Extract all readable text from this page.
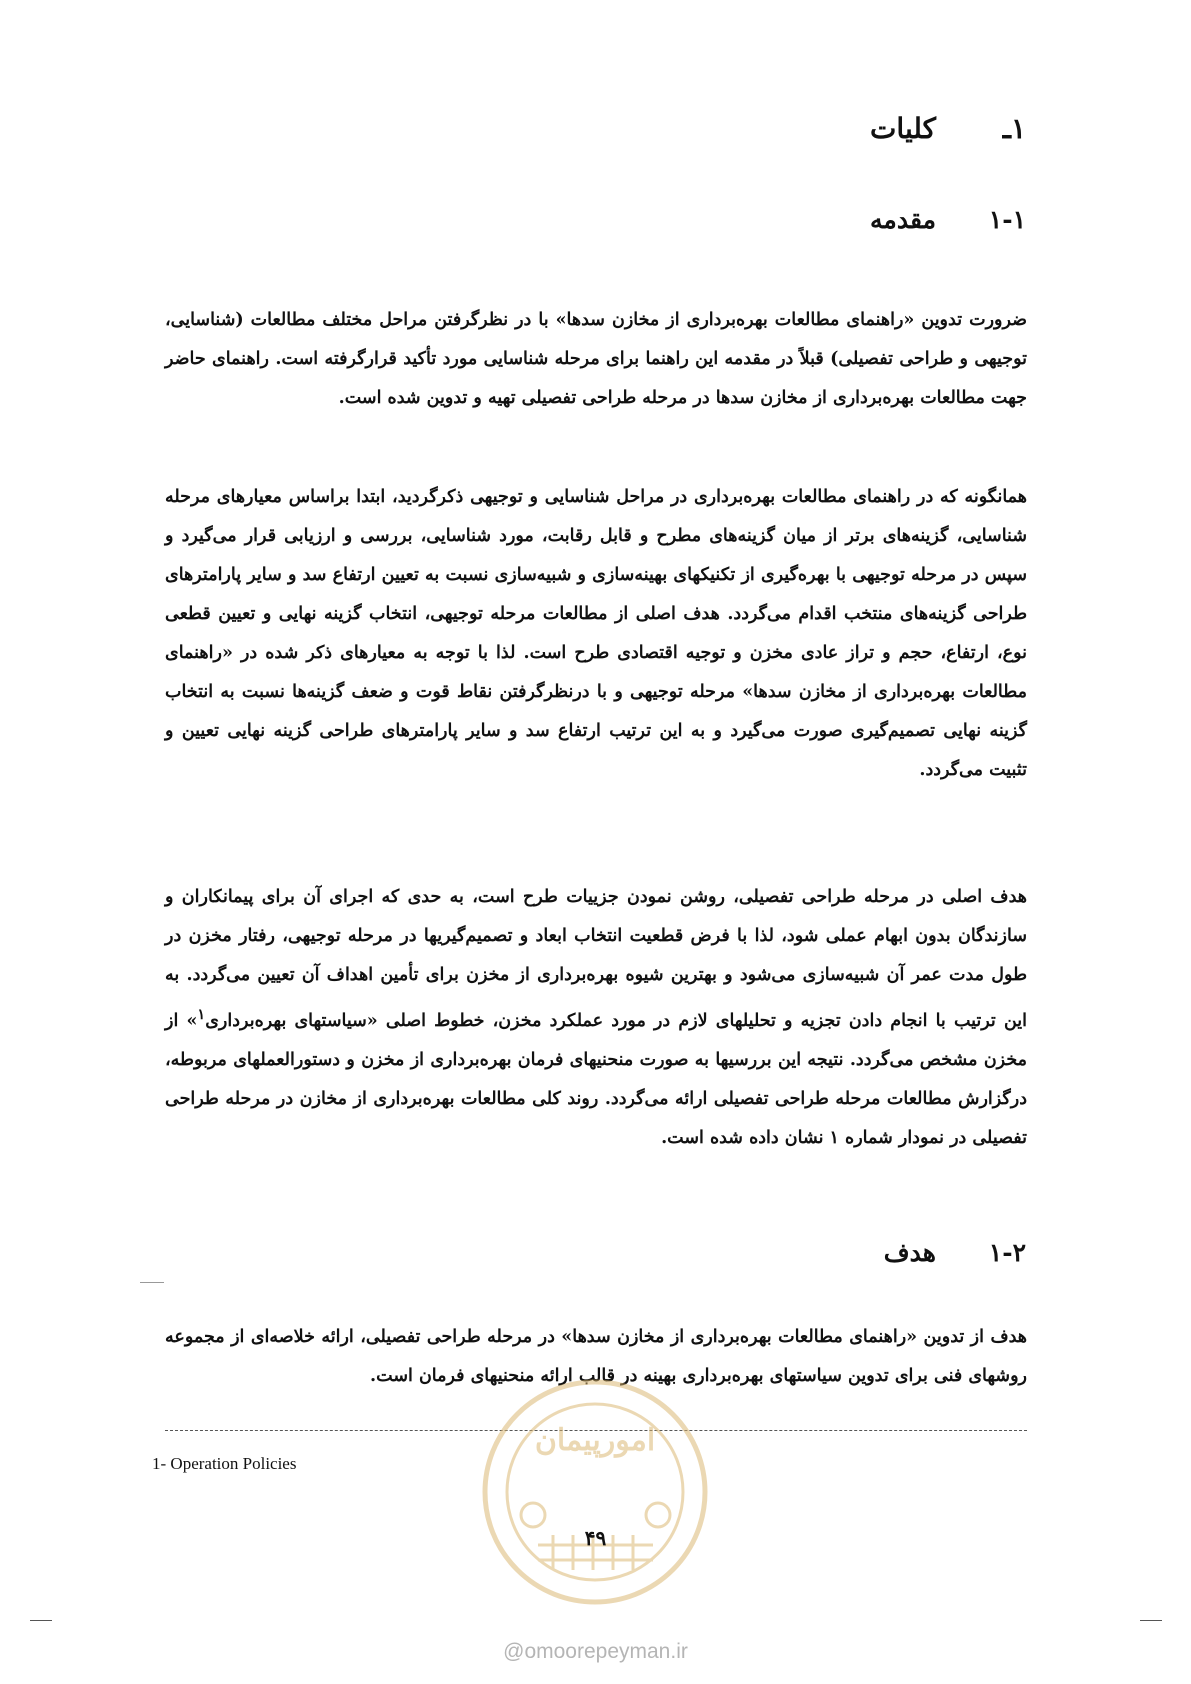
۱ـکلیات
۱-۱مقدمه

ضرورت تدوین «راهنمای مطالعات بهره‌برداری از مخازن سدها» با در نظرگرفتن مراحل مختلف مطالعات (شناسایی، توجیهی و طراحی تفصیلی) قبلاً در مقدمه این راهنما برای مرحله شناسایی مورد تأکید قرارگرفته است. راهنمای حاضر جهت مطالعات بهره‌برداری از مخازن سدها در مرحله طراحی تفصیلی تهیه و تدوین شده است.

همانگونه که در راهنمای مطالعات بهره‌برداری در مراحل شناسایی و توجیهی ذکرگردید، ابتدا براساس معیارهای مرحله شناسایی، گزینه‌های برتر از میان گزینه‌های مطرح و قابل رقابت، مورد شناسایی، بررسی و ارزیابی قرار می‌گیرد و سپس در مرحله توجیهی با بهره‌گیری از تکنیکهای بهینه‌سازی و شبیه‌سازی نسبت به تعیین ارتفاع سد و سایر پارامترهای طراحی گزینه‌های منتخب اقدام می‌گردد. هدف اصلی از مطالعات مرحله توجیهی، انتخاب گزینه نهایی و تعیین قطعی نوع، ارتفاع، حجم و تراز عادی مخزن و توجیه اقتصادی طرح است. لذا با توجه به معیارهای ذکر شده در «راهنمای مطالعات بهره‌برداری از مخازن سدها» مرحله توجیهی و با درنظرگرفتن نقاط قوت و ضعف گزینه‌ها نسبت به انتخاب گزینه نهایی تصمیم‌گیری صورت می‌گیرد و به این ترتیب ارتفاع سد و سایر پارامترهای طراحی گزینه نهایی تعیین و تثبیت می‌گردد.

هدف اصلی در مرحله طراحی تفصیلی، روشن نمودن جزییات طرح است، به حدی که اجرای آن برای پیمانکاران و سازندگان بدون ابهام عملی شود، لذا با فرض قطعیت انتخاب ابعاد و تصمیم‌گیریها در مرحله توجیهی، رفتار مخزن در طول مدت عمر آن شبیه‌سازی می‌شود و بهترین شیوه بهره‌برداری از مخزن برای تأمین اهداف آن تعیین می‌گردد. به این ترتیب با انجام دادن تجزیه و تحلیلهای لازم در مورد عملکرد مخزن، خطوط اصلی «سیاستهای بهره‌برداری$^۱$» از مخزن مشخص می‌گردد. نتیجه این بررسیها به صورت منحنیهای فرمان بهره‌برداری از مخزن و دستورالعملهای مربوطه، درگزارش مطالعات مرحله طراحی تفصیلی ارائه می‌گردد. روند کلی مطالعات بهره‌برداری از مخازن در مرحله طراحی تفصیلی در نمودار شماره ۱ نشان داده شده است.

۱-۲هدف

هدف از تدوین «راهنمای مطالعات بهره‌برداری از مخازن سدها» در مرحله طراحی تفصیلی، ارائه خلاصه‌ای از مجموعه روشهای فنی برای تدوین سیاستهای بهره‌برداری بهینه در قالب ارائه منحنیهای فرمان است.

1- Operation Policies
امورپیمان
۴۹
@omoorepeyman.ir
